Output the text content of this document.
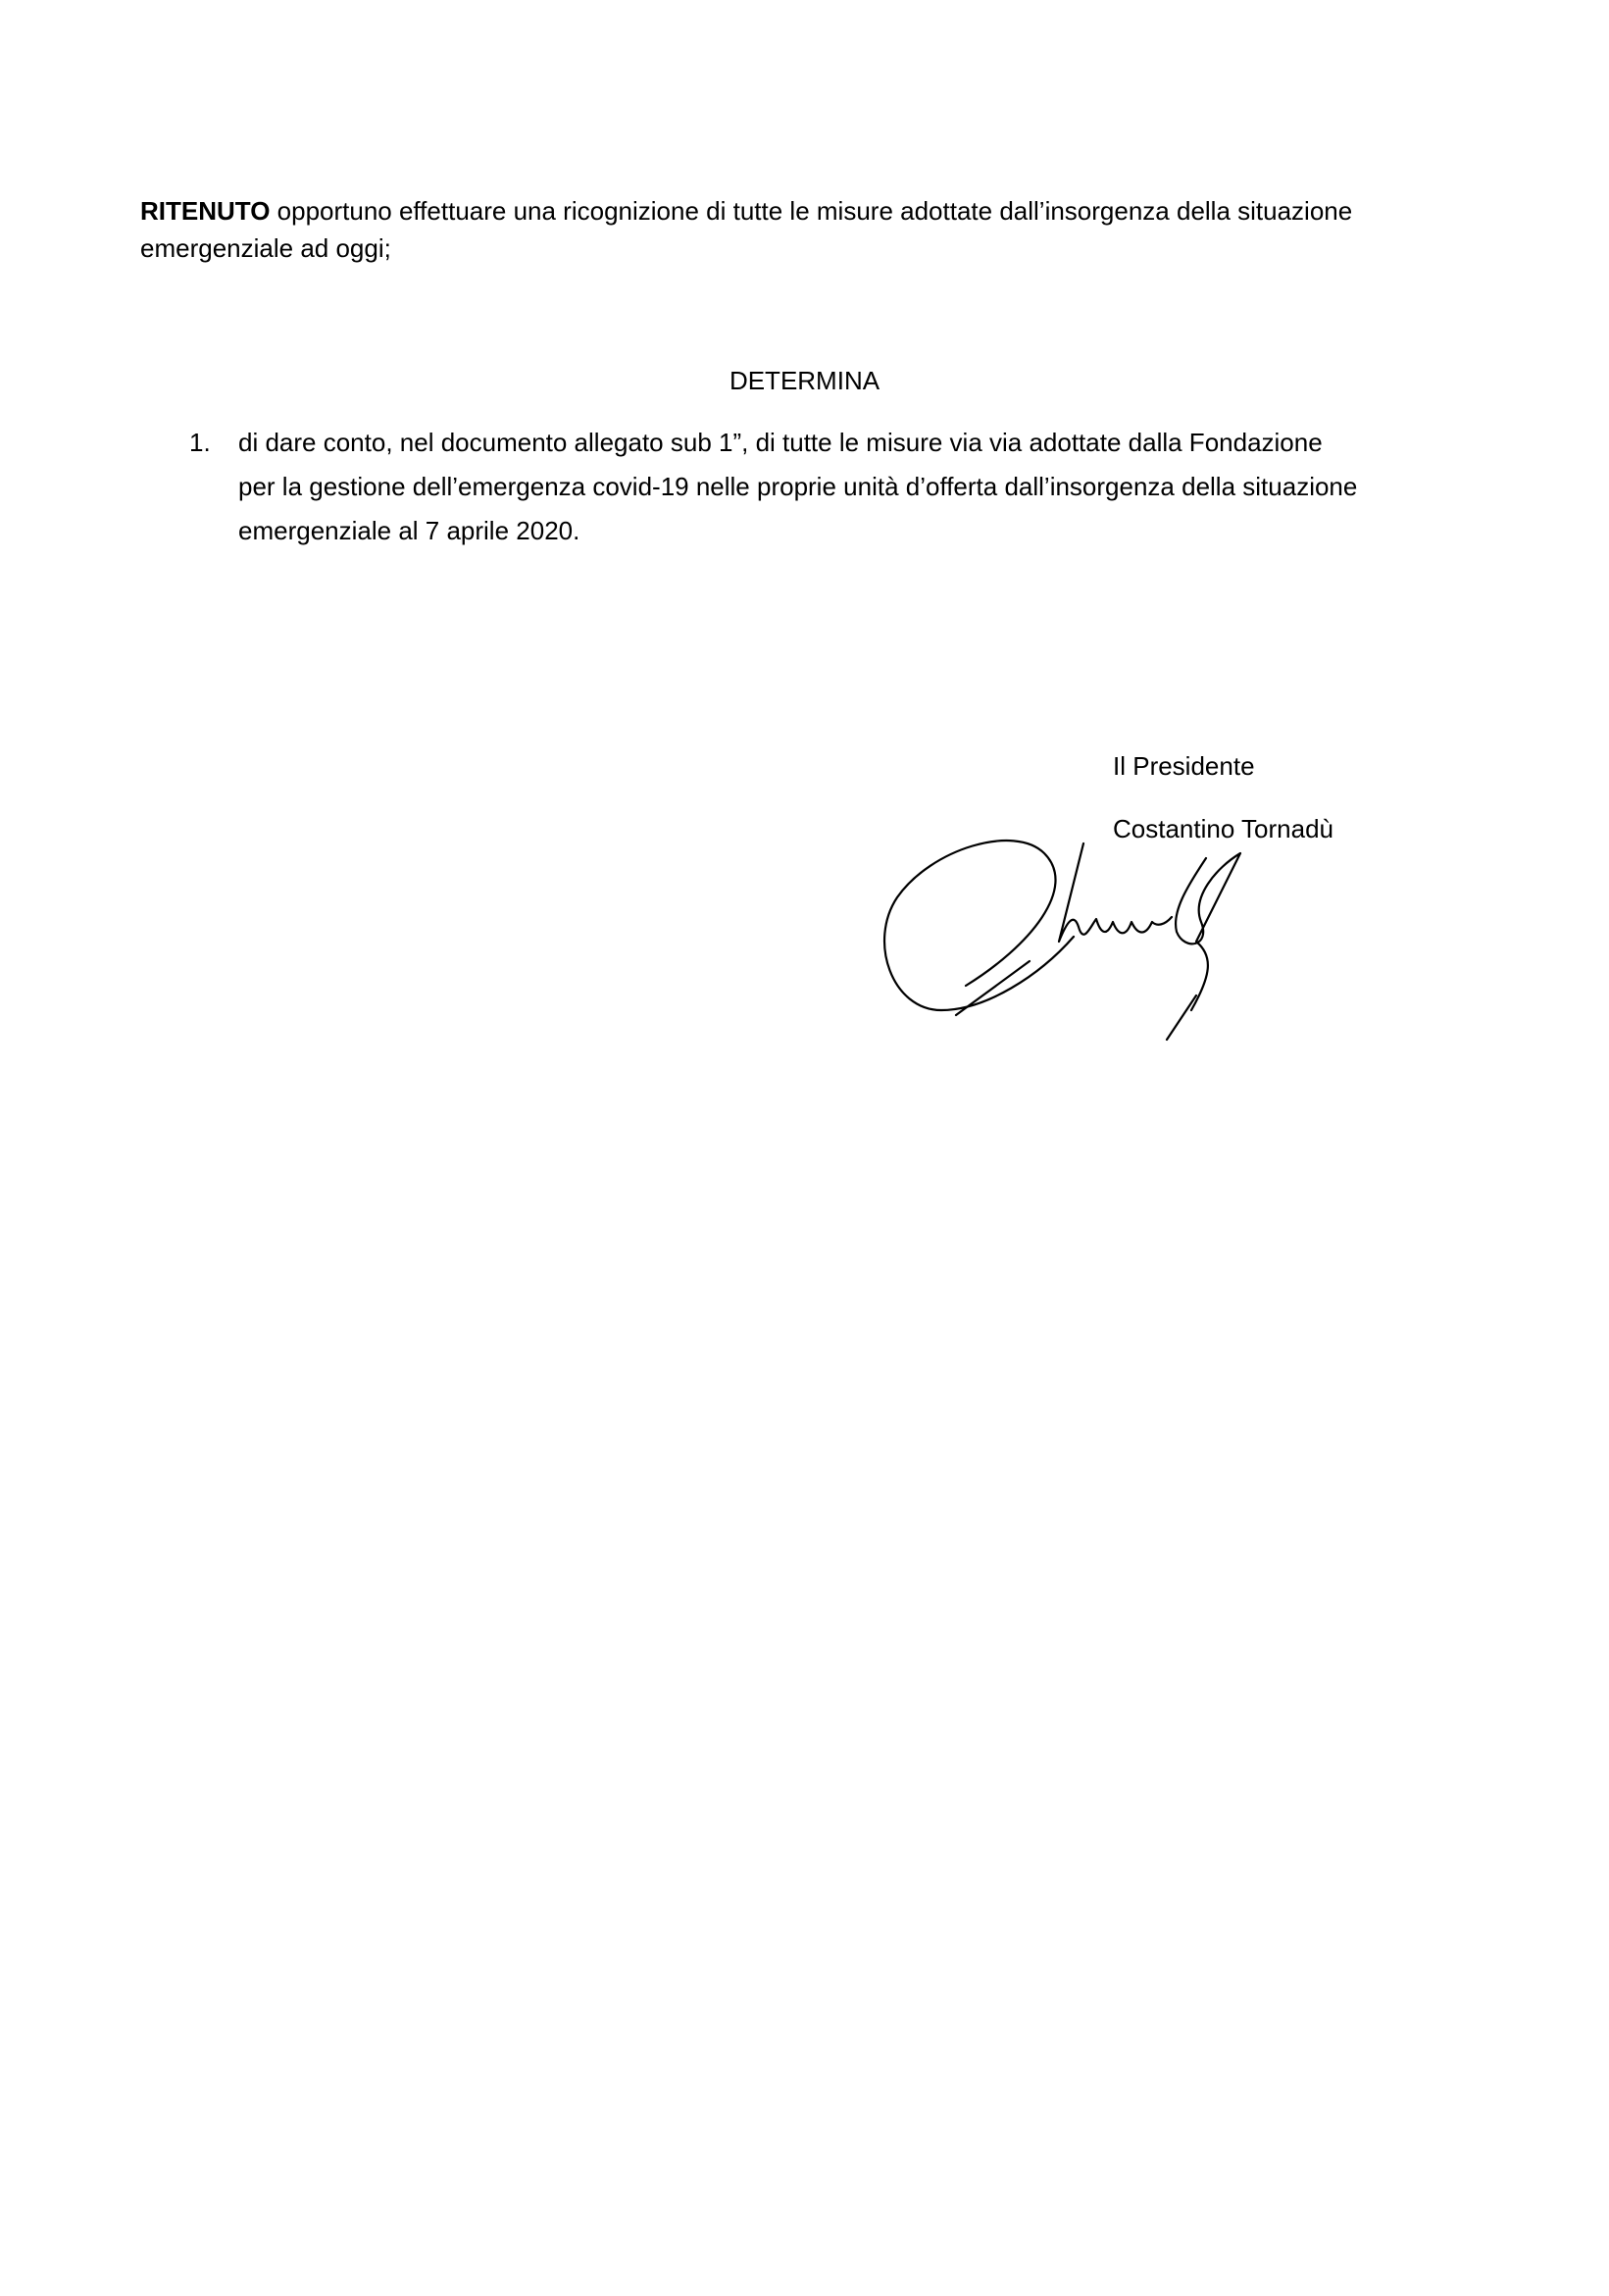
RITENUTO opportuno effettuare una ricognizione di tutte le misure adottate dall’insorgenza della situazione

emergenziale ad oggi;

DETERMINA
1. di dare conto, nel documento allegato sub 1”, di tutte le misure via via adottate dalla Fondazione

per la gestione dell’emergenza covid-19 nelle proprie unità d’offerta dall’insorgenza della situazione

emergenziale al 7 aprile 2020.

Il Presidente
Costantino Tornadù
